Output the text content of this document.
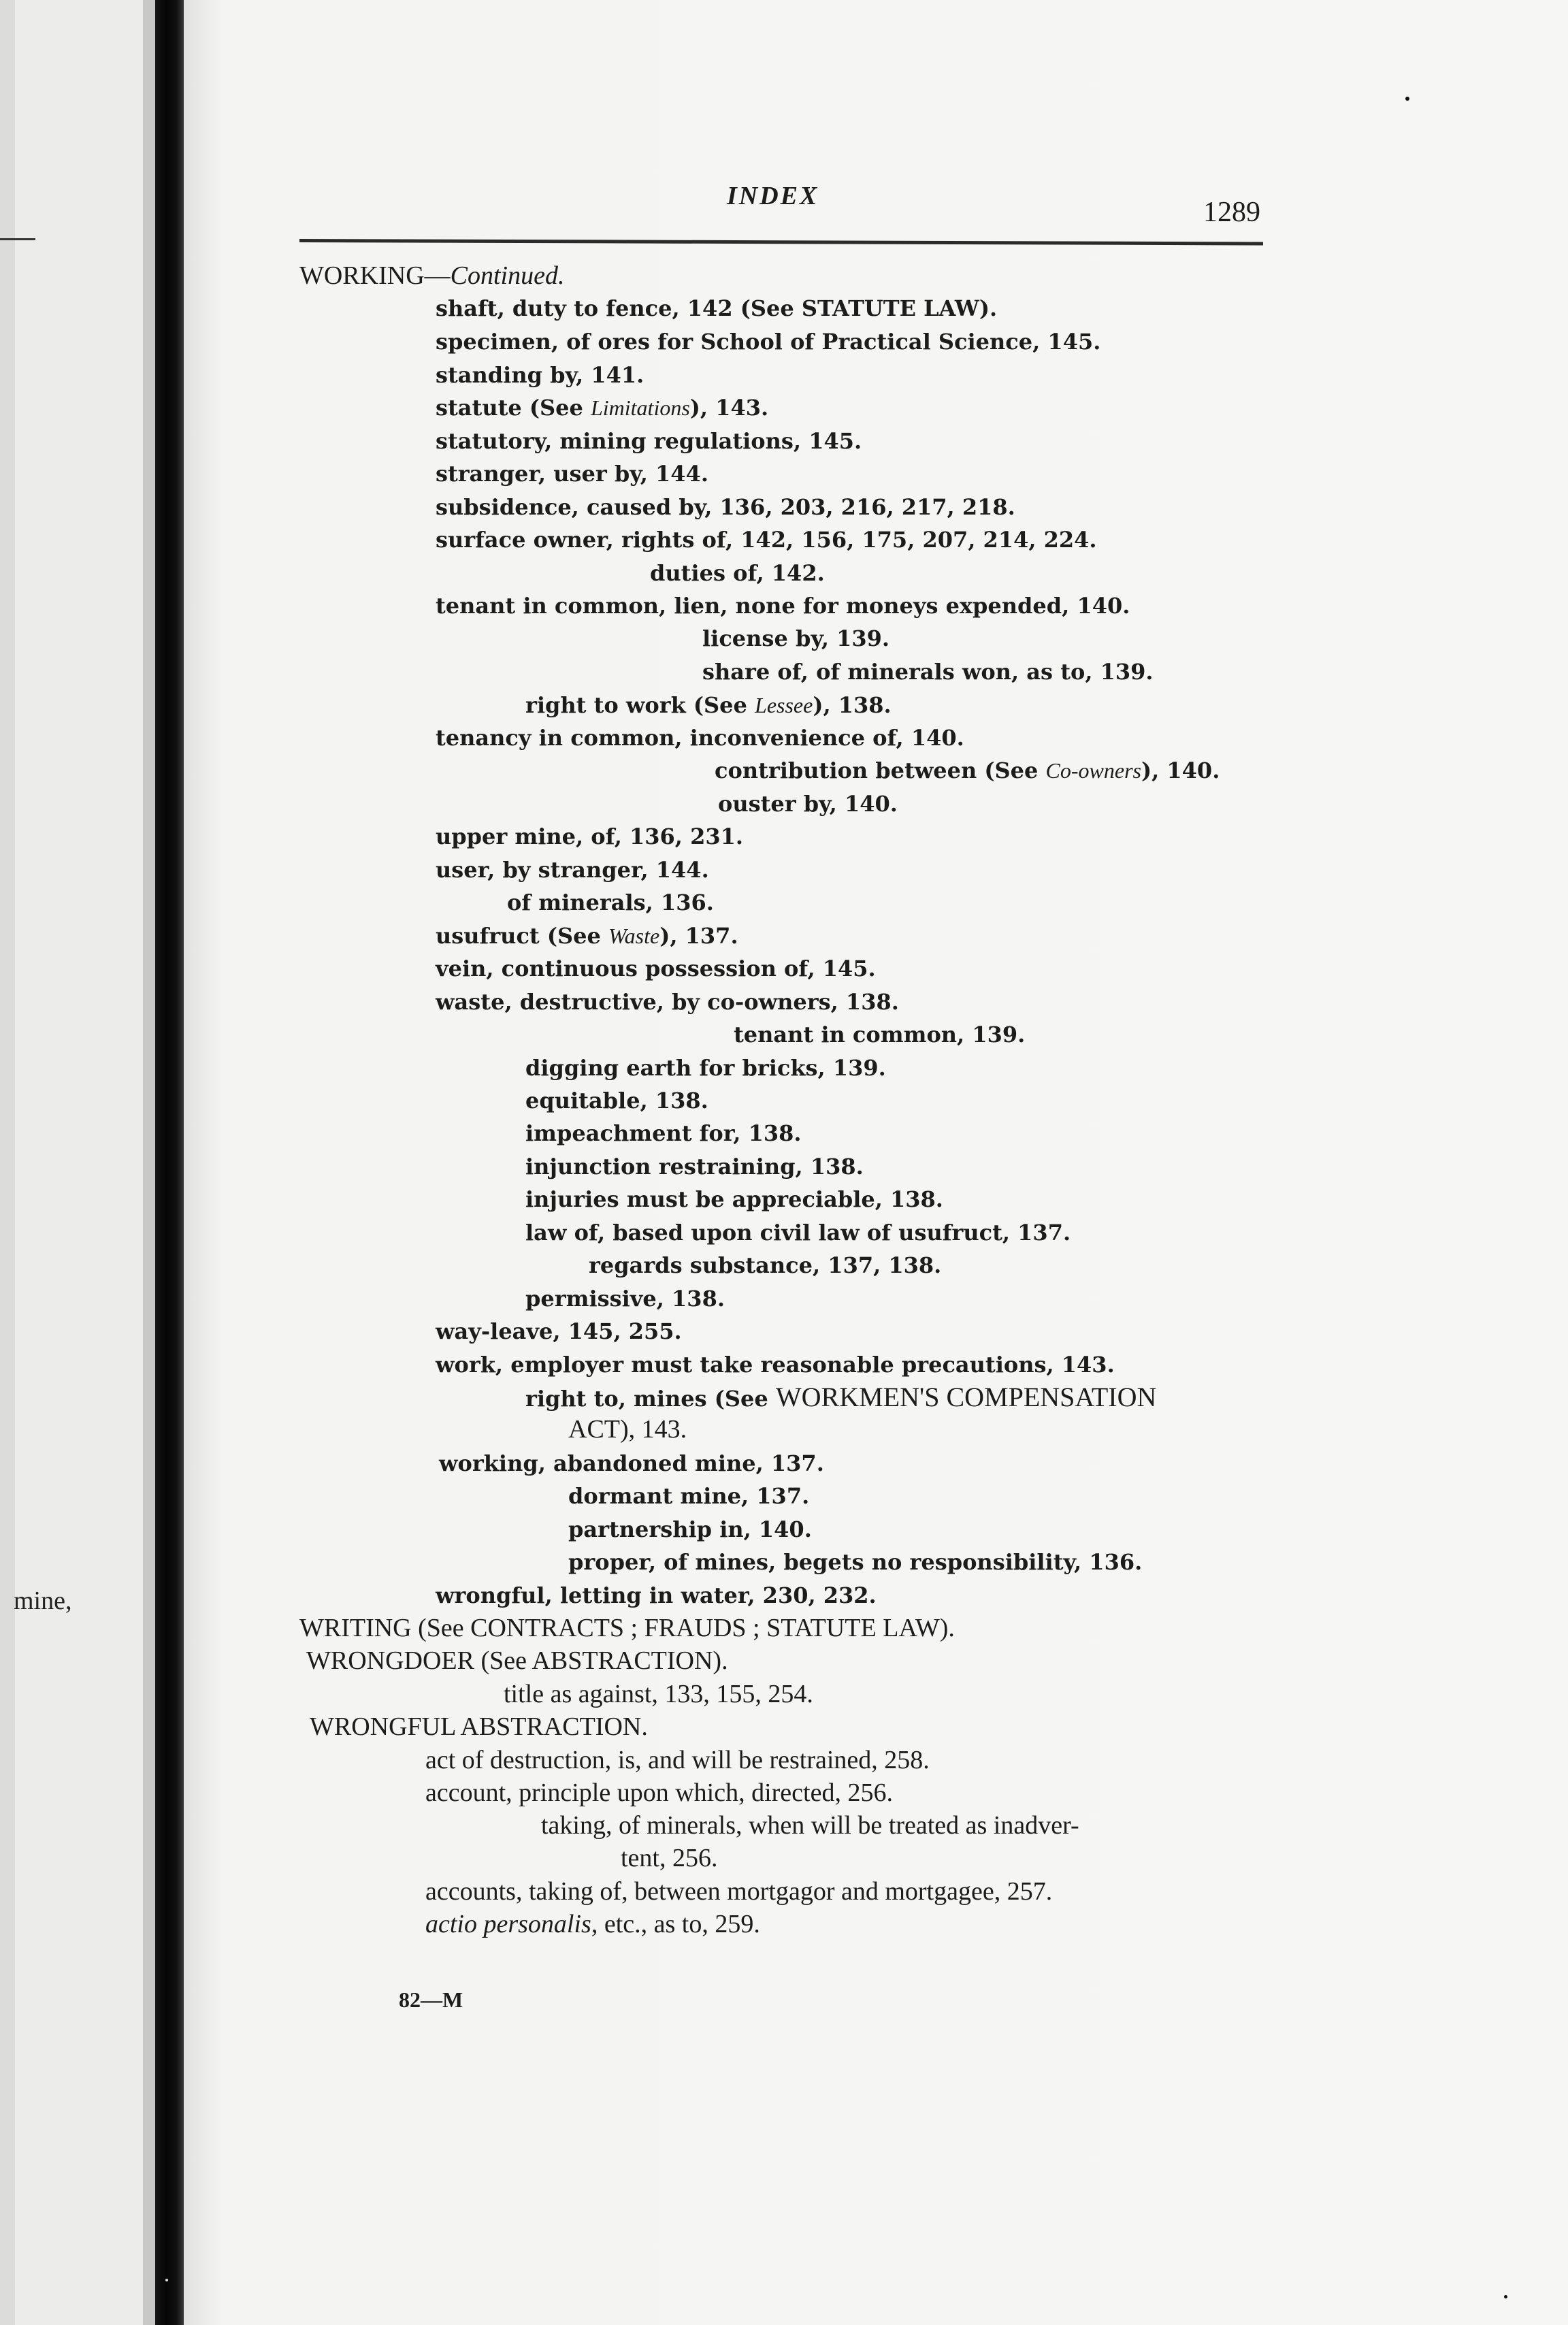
mine,
INDEX
1289
WORKING—Continued.
shaft, duty to fence, 142 (See STATUTE LAW).
specimen, of ores for School of Practical Science, 145.
standing by, 141.
statute (See Limitations), 143.
statutory, mining regulations, 145.
stranger, user by, 144.
subsidence, caused by, 136, 203, 216, 217, 218.
surface owner, rights of, 142, 156, 175, 207, 214, 224.
duties of, 142.
tenant in common, lien, none for moneys expended, 140.
license by, 139.
share of, of minerals won, as to, 139.
right to work (See Lessee), 138.
tenancy in common, inconvenience of, 140.
contribution between (See Co-owners), 140.
ouster by, 140.
upper mine, of, 136, 231.
user, by stranger, 144.
of minerals, 136.
usufruct (See Waste), 137.
vein, continuous possession of, 145.
waste, destructive, by co-owners, 138.
tenant in common, 139.
digging earth for bricks, 139.
equitable, 138.
impeachment for, 138.
injunction restraining, 138.
injuries must be appreciable, 138.
law of, based upon civil law of usufruct, 137.
regards substance, 137, 138.
permissive, 138.
way-leave, 145, 255.
work, employer must take reasonable precautions, 143.
right to, mines (See WORKMEN'S COMPENSATION
ACT), 143.
working, abandoned mine, 137.
dormant mine, 137.
partnership in, 140.
proper, of mines, begets no responsibility, 136.
wrongful, letting in water, 230, 232.
WRITING (See CONTRACTS ; FRAUDS ; STATUTE LAW).
WRONGDOER (See ABSTRACTION).
title as against, 133, 155, 254.
WRONGFUL ABSTRACTION.
act of destruction, is, and will be restrained, 258.
account, principle upon which, directed, 256.
taking, of minerals, when will be treated as inadver-
tent, 256.
accounts, taking of, between mortgagor and mortgagee, 257.
actio personalis, etc., as to, 259.
82—M
